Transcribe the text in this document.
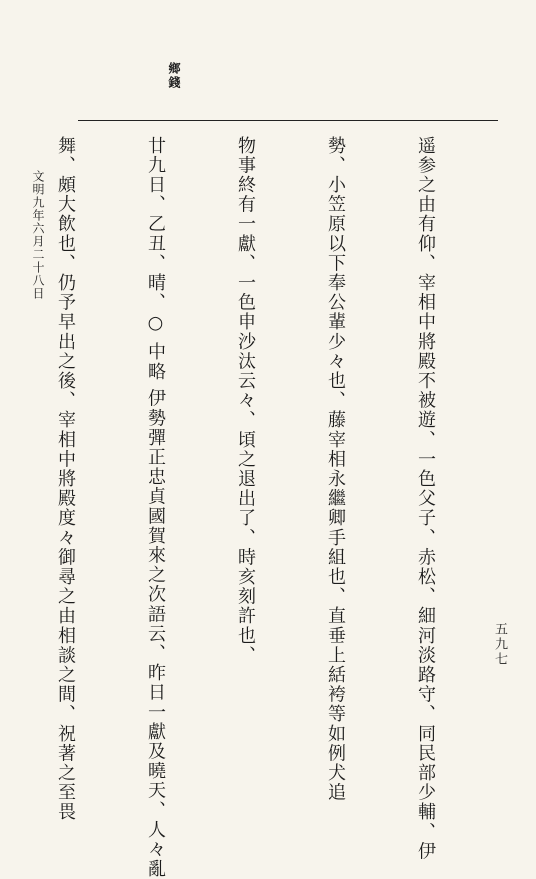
鄉錢

遥参之由有仰、宰相中將殿不被遊、一色父子、赤松、細河淡路守、同民部少輔、伊

勢、小笠原以下奉公輩少々也、藤宰相永繼卿手組也、直垂上絬袴等如例犬追

物事終有一獻、一色申沙汰云々、頃之退出了、時亥刻許也、

廿九日、乙丑、晴、○ 中略 伊勢彈正忠貞國賀來之次語云、昨日一獻及曉天、人々亂

舞、頗大飲也、仍予早出之後、宰相中將殿度々御尋之由相談之間、祝著之至畏

文明九年六月二十八日
五九七
